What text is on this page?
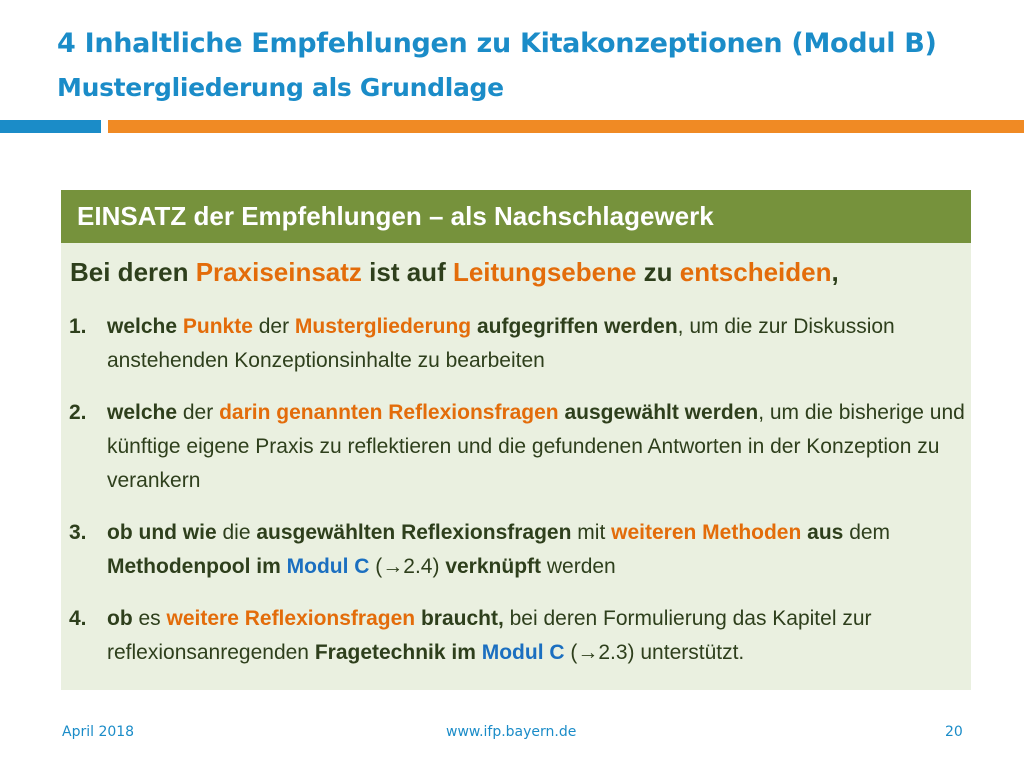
4 Inhaltliche Empfehlungen zu Kitakonzeptionen (Modul B)
Mustergliederung als Grundlage
EINSATZ der Empfehlungen – als Nachschlagewerk

Bei deren Praxiseinsatz ist auf Leitungsebene zu entscheiden,

1. welche Punkte der Mustergliederung aufgegriffen werden, um die zur Diskussion anstehenden Konzeptionsinhalte zu bearbeiten
2. welche der darin genannten Reflexionsfragen ausgewählt werden, um die bisherige und künftige eigene Praxis zu reflektieren und die gefundenen Antworten in der Konzeption zu verankern
3. ob und wie die ausgewählten Reflexionsfragen mit weiteren Methoden aus dem Methodenpool im Modul C (→2.4) verknüpft werden
4. ob es weitere Reflexionsfragen braucht, bei deren Formulierung das Kapitel zur reflexionsanregenden Fragetechnik im Modul C (→2.3) unterstützt.
April 2018	www.ifp.bayern.de	20
